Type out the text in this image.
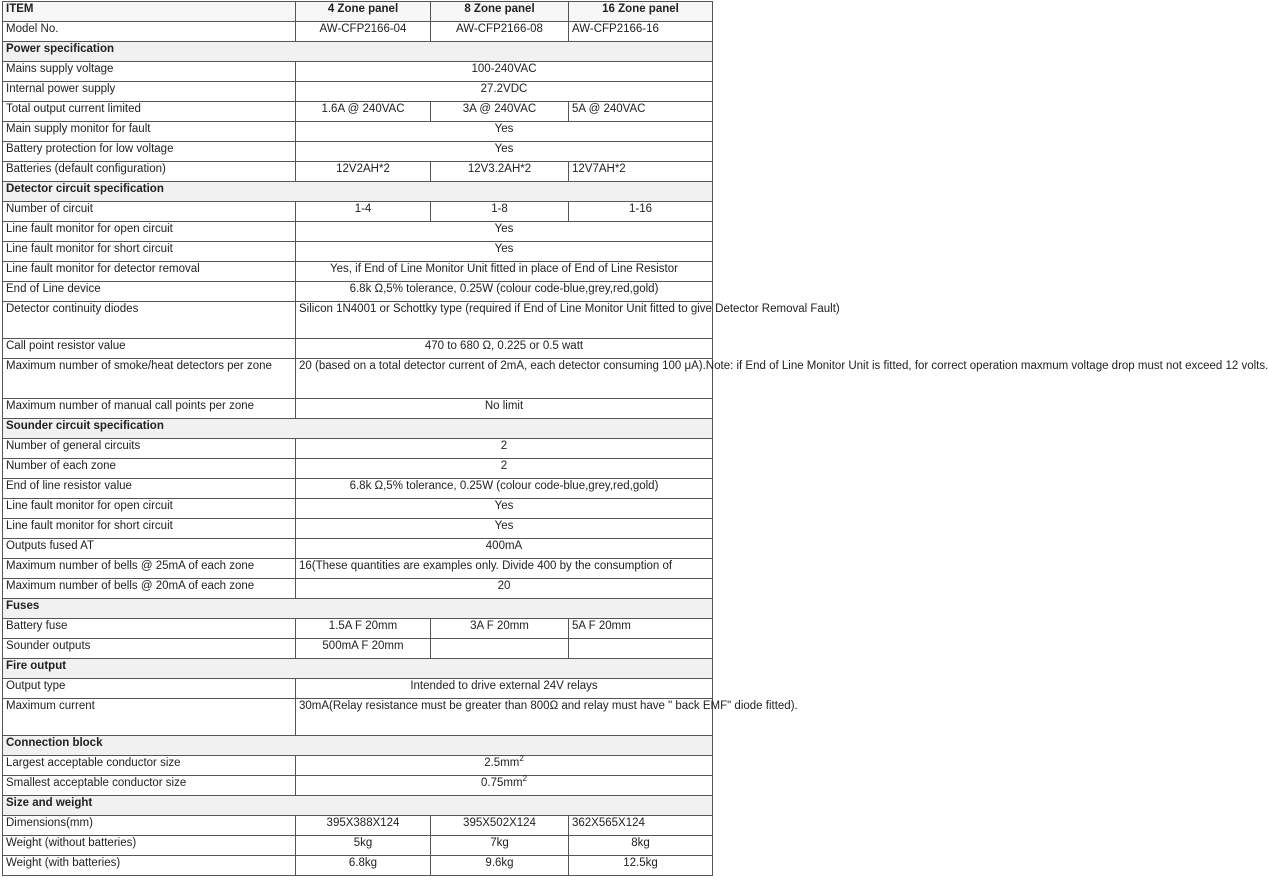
ITEM	4 Zone panel	8 Zone panel	16 Zone panel
Model No.	AW-CFP2166-04	AW-CFP2166-08	AW-CFP2166-16
Power specification			
Mains supply voltage	100-240VAC		
Internal power supply	27.2VDC		
Total output current limited	1.6A @ 240VAC	3A @ 240VAC	5A @ 240VAC
Main supply monitor for fault	Yes		
Battery protection for low voltage	Yes		
Batteries (default configuration)	12V2AH*2	12V3.2AH*2	12V7AH*2
Detector circuit specification			
Number of circuit	1-4	1-8	1-16
Line fault monitor for open circuit	Yes		
Line fault monitor for short circuit	Yes		
Line fault monitor for detector removal	Yes, if End of Line Monitor Unit fitted in place of End of Line Resistor		
End of Line device	6.8k Ω,5% tolerance, 0.25W (colour code-blue,grey,red,gold)		
Detector continuity diodes	Silicon 1N4001 or Schottky type (required if End of Line Monitor Unit fitted to give Detector Removal Fault)		
Call point resistor value	470 to 680 Ω, 0.225 or 0.5 watt		
Maximum number of smoke/heat detectors per zone	20 (based on a total detector current of 2mA, each detector consuming 100 μA).Note: if End of Line Monitor Unit is fitted, for correct operation maxmum voltage drop must not exceed 12 volts.		
Maximum number of manual call points per zone	No limit		
Sounder circuit specification			
Number of general circuits	2		
Number of each zone	2		
End of line resistor value	6.8k Ω,5% tolerance, 0.25W (colour code-blue,grey,red,gold)		
Line fault monitor for open circuit	Yes		
Line fault monitor for short circuit	Yes		
Outputs fused AT	400mA		
Maximum number of bells @ 25mA of each zone	16(These quantities are examples only. Divide 400 by the consumption of		
Maximum number of bells @ 20mA of each zone	20		
Fuses			
Battery fuse	1.5A F 20mm	3A F 20mm	5A F 20mm
Sounder outputs	500mA F 20mm		
Fire output			
Output type	Intended to drive external 24V relays		
Maximum current	30mA(Relay resistance must be greater than 800Ω and relay must have " back EMF" diode fitted).		
Connection block			
Largest acceptable conductor size	$2.5mm^2$
Smallest acceptable conductor size	$0.75mm^2$
Size and weight			
Dimensions(mm)	395X388X124	395X502X124	362X565X124
Weight (without batteries)	5kg	7kg	8kg
Weight (with batteries)	6.8kg	9.6kg	12.5kg
